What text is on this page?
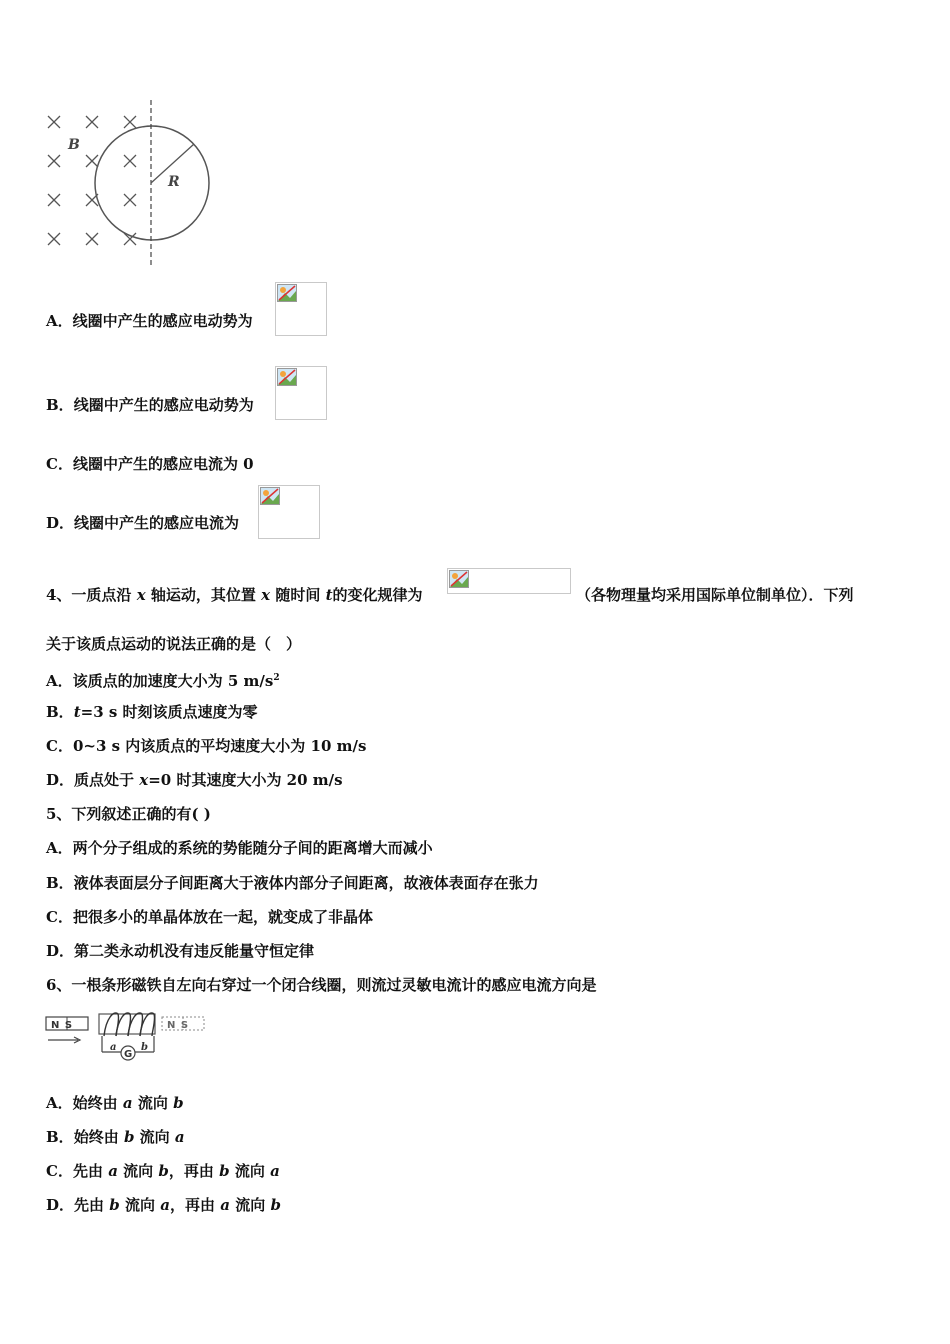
B
R
A．线圈中产生的感应电动势为
B．线圈中产生的感应电动势为
C．线圈中产生的感应电流为 0
D．线圈中产生的感应电流为
4、一质点沿 x 轴运动，其位置 x 随时间 t的变化规律为	（各物理量均采用国际单位制单位）．下列
关于该质点运动的说法正确的是（　）
A．该质点的加速度大小为 5 $m/s^2$
B．t=3 s 时刻该质点速度为零
C．0~3 s 内该质点的平均速度大小为 10 m/s
D．质点处于 x=0 时其速度大小为 20 m/s
5、下列叙述正确的有( )
A．两个分子组成的系统的势能随分子间的距离增大而减小
B．液体表面层分子间距离大于液体内部分子间距离，故液体表面存在张力
C．把很多小的单晶体放在一起，就变成了非晶体
D．第二类永动机没有违反能量守恒定律
6、一根条形磁铁自左向右穿过一个闭合线圈，则流过灵敏电流计的感应电流方向是
N S
G
a b
N S
A．始终由 a 流向 b
B．始终由 b 流向 a
C．先由 a 流向 b，再由 b 流向 a
D．先由 b 流向 a，再由 a 流向 b
